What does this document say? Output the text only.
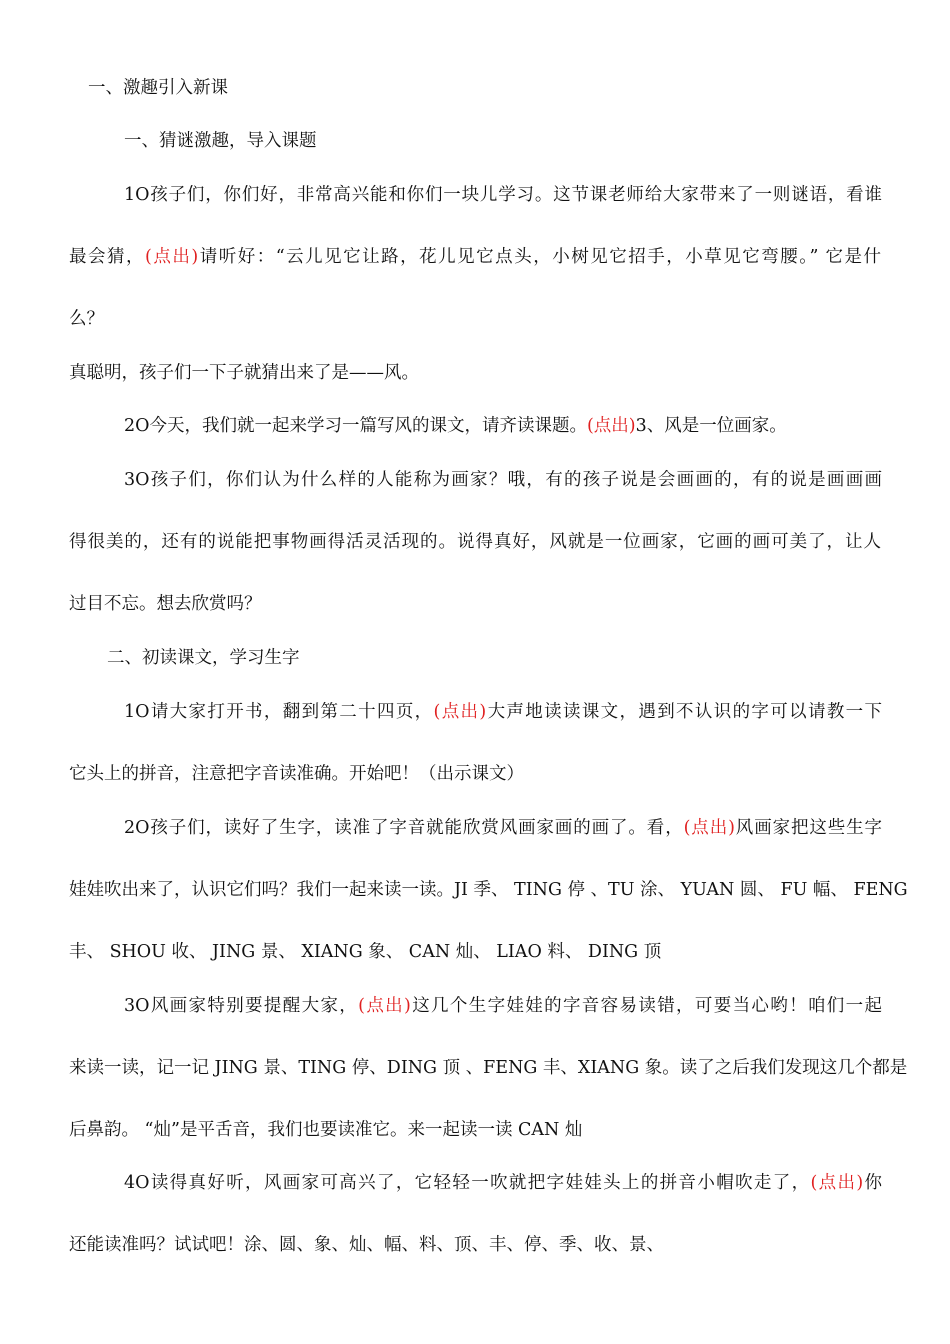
一、激趣引入新课
一、猜谜激趣，导入课题
1O孩子们，你们好，非常高兴能和你们一块儿学习。这节课老师给大家带来了一则谜语，看谁
最会猜，(点出)请听好：“云儿见它让路，花儿见它点头，小树见它招手，小草见它弯腰。” 它是什
么？
真聪明，孩子们一下子就猜出来了是——风。
2O今天，我们就一起来学习一篇写风的课文，请齐读课题。(点出)3、风是一位画家。
3O孩子们，你们认为什么样的人能称为画家？哦，有的孩子说是会画画的，有的说是画画画
得很美的，还有的说能把事物画得活灵活现的。说得真好，风就是一位画家，它画的画可美了，让人
过目不忘。想去欣赏吗？
二、初读课文，学习生字
1O请大家打开书，翻到第二十四页，(点出)大声地读读课文，遇到不认识的字可以请教一下
它头上的拼音，注意把字音读准确。开始吧！（出示课文）
2O孩子们，读好了生字，读准了字音就能欣赏风画家画的画了。看，(点出)风画家把这些生字
娃娃吹出来了，认识它们吗？我们一起来读一读。JI 季、 TING 停 、TU 涂、 YUAN 圆、 FU 幅、 FENG
丰、 SHOU 收、 JING 景、 XIANG 象、 CAN 灿、 LIAO 料、 DING 顶
3O风画家特别要提醒大家，(点出)这几个生字娃娃的字音容易读错，可要当心哟！咱们一起
来读一读，记一记 JING 景、TING 停、DING 顶 、FENG 丰、XIANG 象。读了之后我们发现这几个都是
后鼻韵。 “灿”是平舌音，我们也要读准它。来一起读一读 CAN 灿
4O读得真好听，风画家可高兴了，它轻轻一吹就把字娃娃头上的拼音小帽吹走了，(点出)你
还能读准吗？试试吧！涂、圆、象、灿、幅、料、顶、丰、停、季、收、景、
